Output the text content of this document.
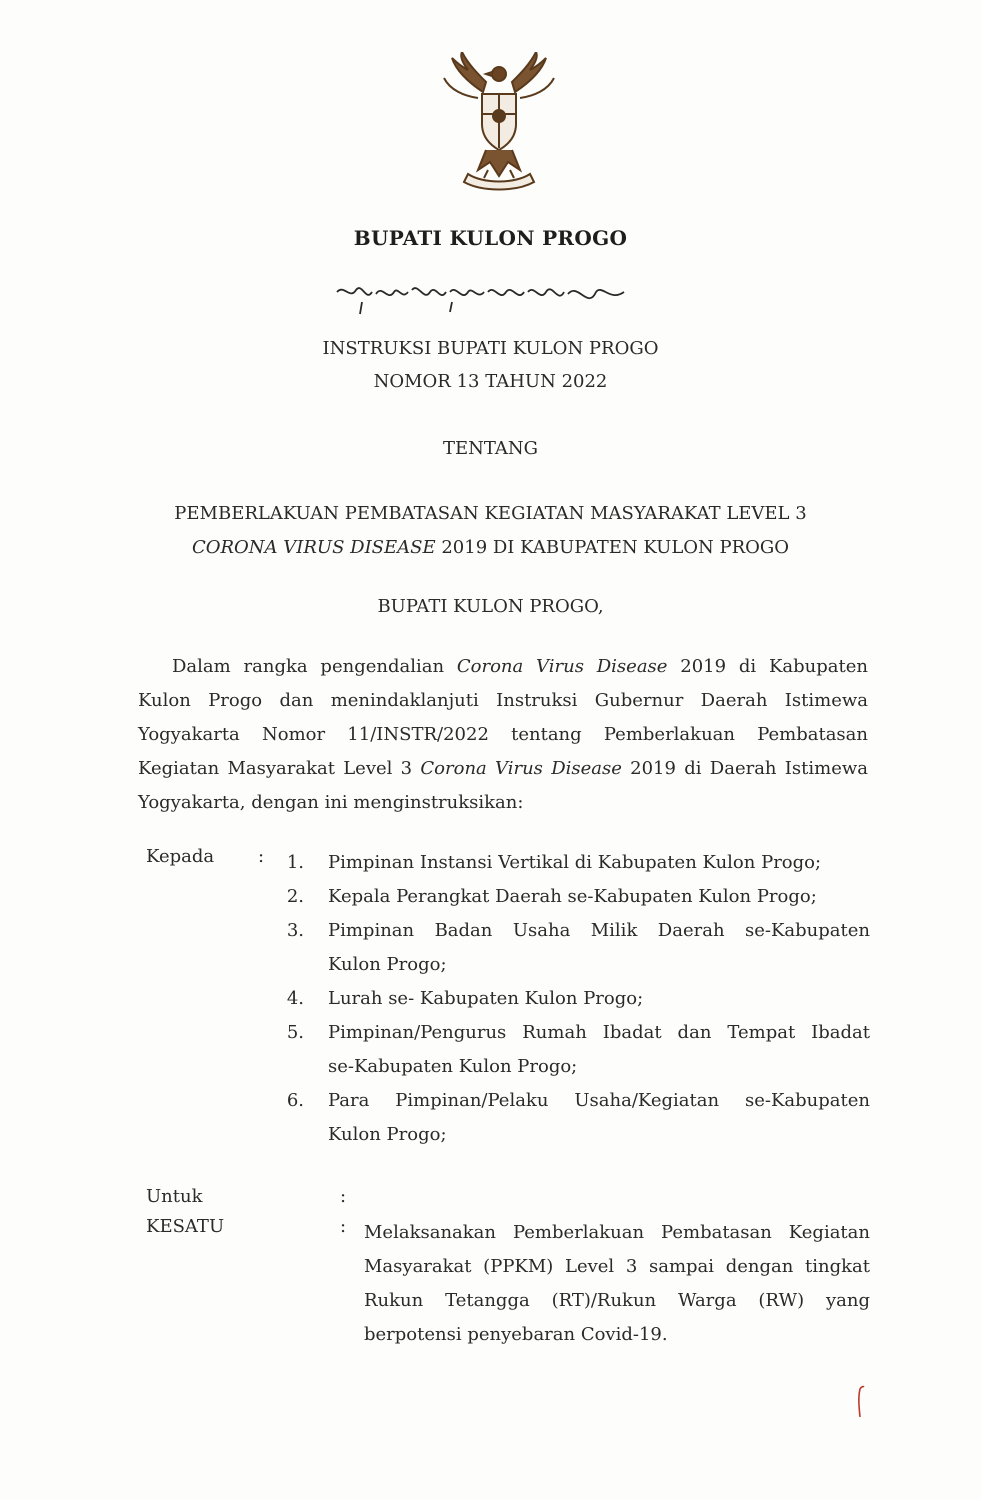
BUPATI KULON PROGO
INSTRUKSI BUPATI KULON PROGO
NOMOR 13 TAHUN 2022
TENTANG
PEMBERLAKUAN PEMBATASAN KEGIATAN MASYARAKAT LEVEL 3
CORONA VIRUS DISEASE 2019 DI KABUPATEN KULON PROGO
BUPATI KULON PROGO,
Dalam rangka pengendalian Corona Virus Disease 2019 di Kabupaten
Kulon Progo dan menindaklanjuti Instruksi Gubernur Daerah Istimewa
Yogyakarta Nomor 11/INSTR/2022 tentang Pemberlakuan Pembatasan
Kegiatan Masyarakat Level 3 Corona Virus Disease 2019 di Daerah Istimewa
Yogyakarta, dengan ini menginstruksikan:
Kepada :	1. Pimpinan Instansi Vertikal di Kabupaten Kulon Progo;
2. Kepala Perangkat Daerah se-Kabupaten Kulon Progo;
3. Pimpinan Badan Usaha Milik Daerah se-Kabupaten
Kulon Progo;
4. Lurah se- Kabupaten Kulon Progo;
5. Pimpinan/Pengurus Rumah Ibadat dan Tempat Ibadat
se-Kabupaten Kulon Progo;
6. Para Pimpinan/Pelaku Usaha/Kegiatan se-Kabupaten
Kulon Progo;
Untuk	:
KESATU	: Melaksanakan Pemberlakuan Pembatasan Kegiatan
Masyarakat (PPKM) Level 3 sampai dengan tingkat
Rukun Tetangga (RT)/Rukun Warga (RW) yang
berpotensi penyebaran Covid-19.
